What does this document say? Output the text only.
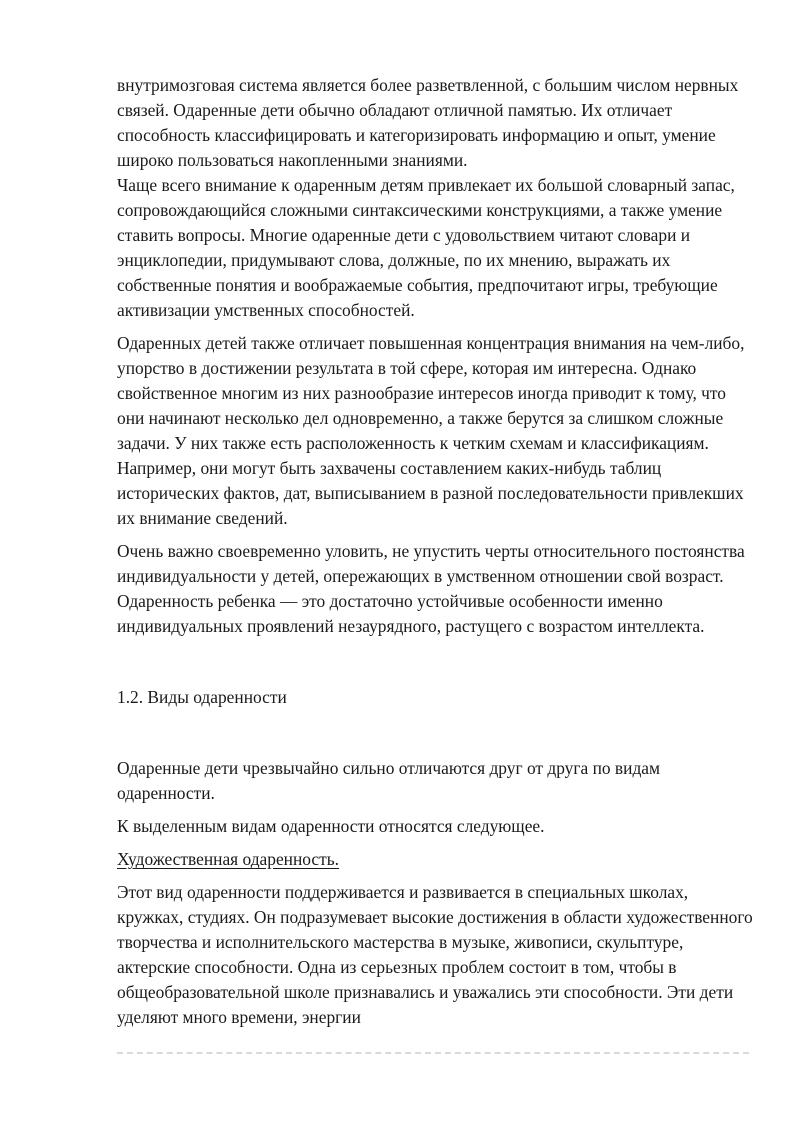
внутримозговая система является более разветвленной, с большим числом нервных связей. Одаренные дети обычно обладают отличной памятью. Их отличает способность классифицировать и категоризировать информацию и опыт, умение широко пользоваться накопленными знаниями.

Чаще всего внимание к одаренным детям привлекает их большой словарный запас, сопровождающийся сложными синтаксическими конструкциями, а также умение ставить вопросы. Многие одаренные дети с удовольствием читают словари и энциклопедии, придумывают слова, должные, по их мнению, выражать их собственные понятия и воображаемые события, предпочитают игры, требующие активизации умственных способностей.

Одаренных детей также отличает повышенная концентрация внимания на чем-либо, упорство в достижении результата в той сфере, которая им интересна. Однако свойственное многим из них разнообразие интересов иногда приводит к тому, что они начинают несколько дел одновременно, а также берутся за слишком сложные задачи. У них также есть расположенность к четким схемам и классификациям. Например, они могут быть захвачены составлением каких-нибудь таблиц исторических фактов, дат, выписыванием в разной последовательности привлекших их внимание сведений.

Очень важно своевременно уловить, не упустить черты относительного постоянства индивидуальности у детей, опережающих в умственном отношении свой возраст. Одаренность ребенка — это достаточно устойчивые особенности именно индивидуальных проявлений незаурядного, растущего с возрастом интеллекта.

1.2. Виды одаренности

Одаренные дети чрезвычайно сильно отличаются друг от друга по видам одаренности.

К выделенным видам одаренности относятся следующее.

Художественная одаренность.

Этот вид одаренности поддерживается и развивается в специальных школах, кружках, студиях. Он подразумевает высокие достижения в области художественного творчества и исполнительского мастерства в музыке, живописи, скульптуре, актерские способности. Одна из серьезных проблем состоит в том, чтобы в общеобразовательной школе признавались и уважались эти способности. Эти дети уделяют много времени, энергии
